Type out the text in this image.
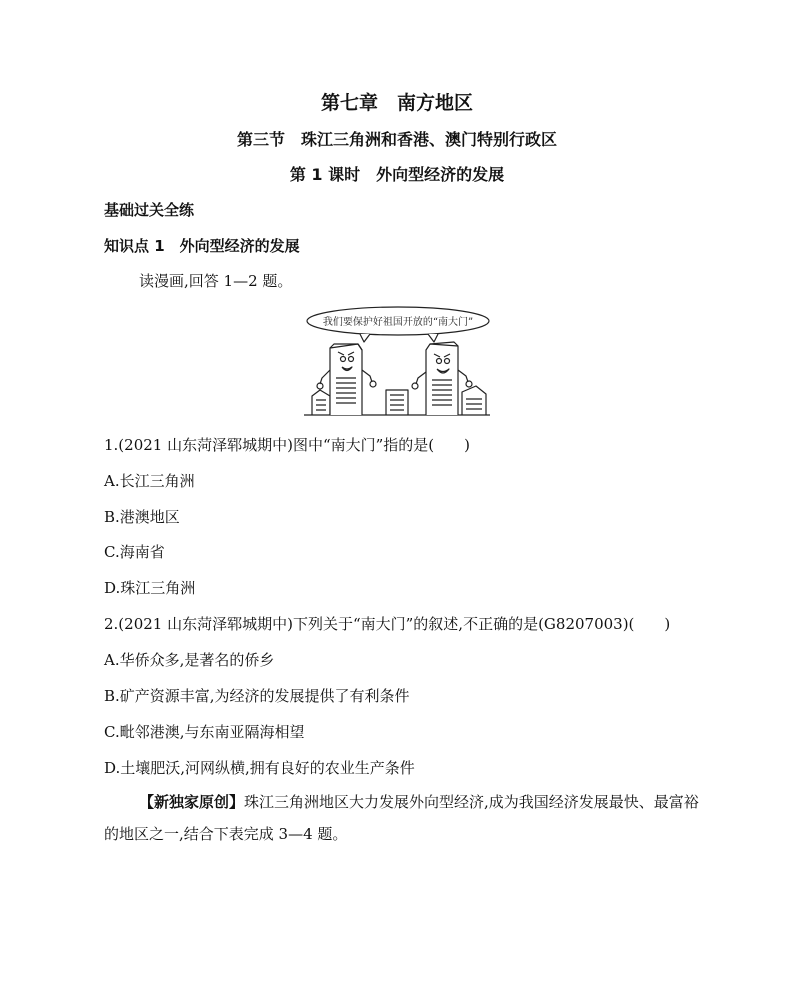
第七章　南方地区
第三节　珠江三角洲和香港、澳门特别行政区
第 1 课时　外向型经济的发展
基础过关全练
知识点 1　外向型经济的发展
读漫画,回答 1—2 题。
我们要保护好祖国开放的“南大门”
1.(2021 山东菏泽郓城期中)图中“南大门”指的是(　　)
A.长江三角洲
B.港澳地区
C.海南省
D.珠江三角洲
2.(2021 山东菏泽郓城期中)下列关于“南大门”的叙述,不正确的是(G8207003)(　　)
A.华侨众多,是著名的侨乡
B.矿产资源丰富,为经济的发展提供了有利条件
C.毗邻港澳,与东南亚隔海相望
D.土壤肥沃,河网纵横,拥有良好的农业生产条件
【新独家原创】珠江三角洲地区大力发展外向型经济,成为我国经济发展最快、最富裕的地区之一,结合下表完成 3—4 题。
